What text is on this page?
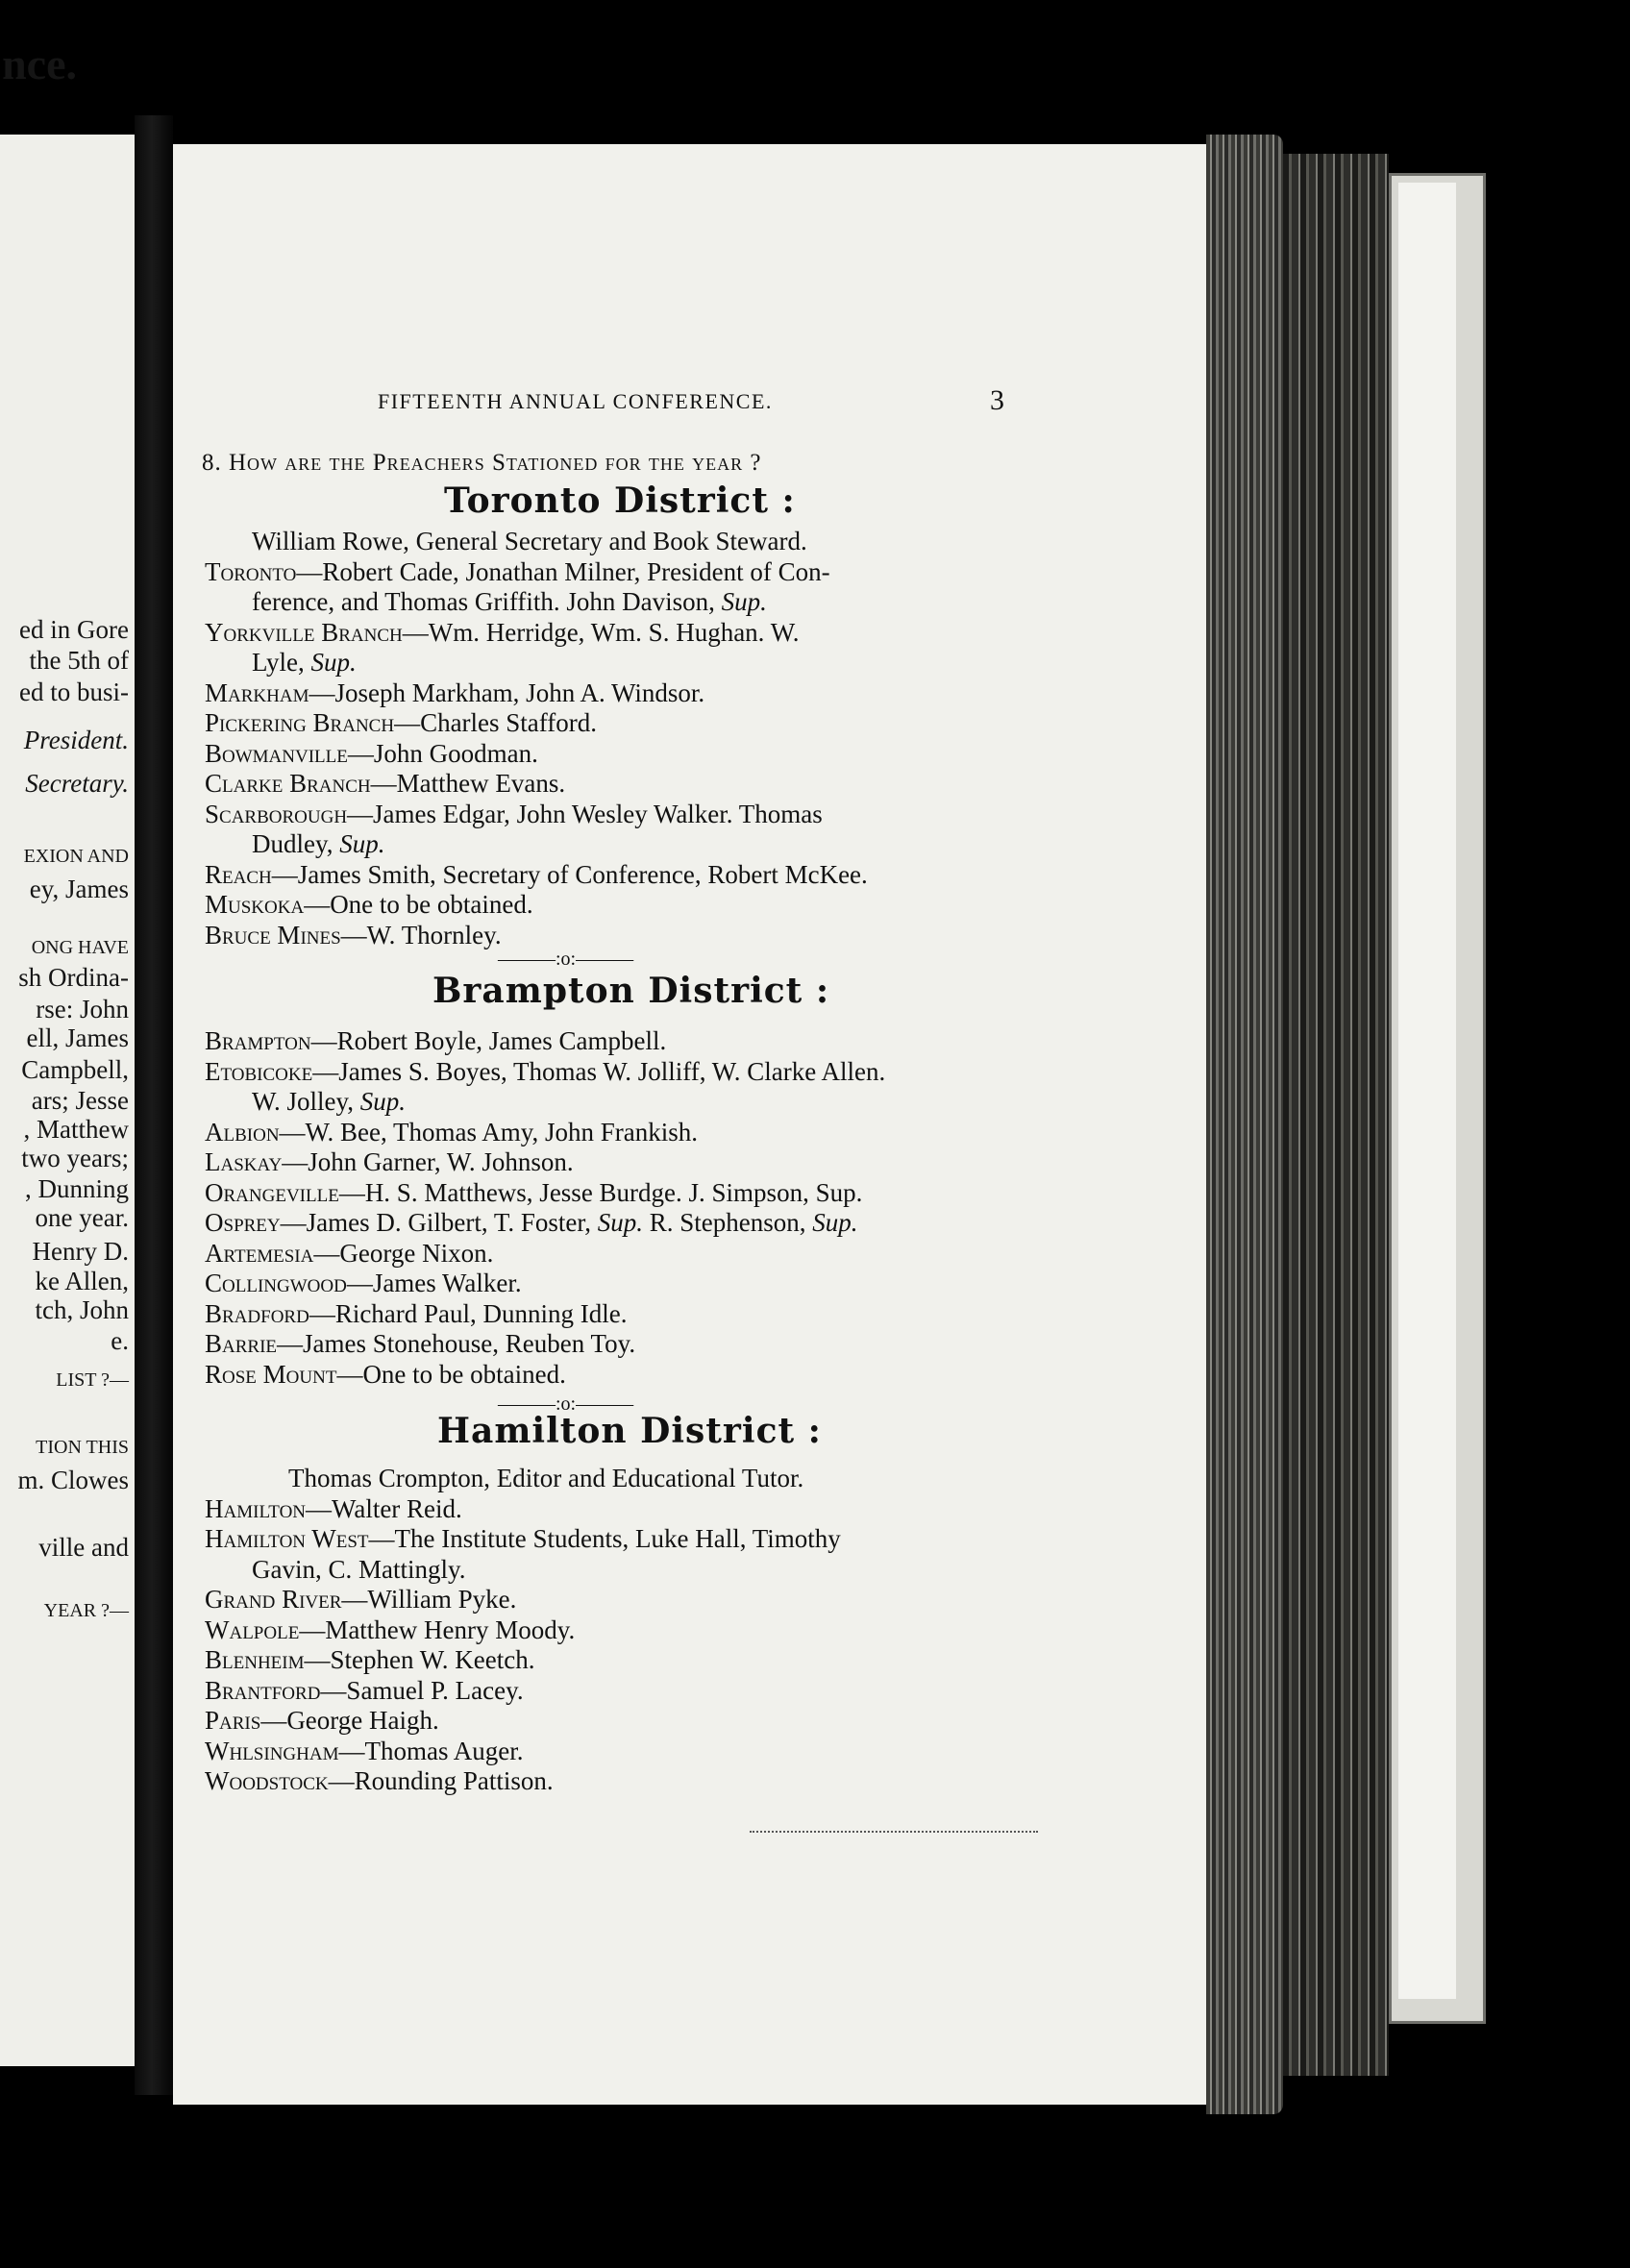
nce.
ed in Gore
the 5th of
ed to busi-
President.
Secretary.
EXION AND
ey, James
ONG HAVE
sh Ordina-
rse: John
ell, James
Campbell,
ars; Jesse
, Matthew
two years;
, Dunning
one year.
Henry D.
ke Allen,
tch, John
e.
LIST ?—
TION THIS
m. Clowes
ville and
YEAR ?—
FIFTEENTH ANNUAL CONFERENCE.	3
8. How are the Preachers Stationed for the year ?
Toronto District :
William Rowe, General Secretary and Book Steward.
Toronto—Robert Cade, Jonathan Milner, President of Con-
ference, and Thomas Griffith. John Davison, Sup.
Yorkville Branch—Wm. Herridge, Wm. S. Hughan. W.
Lyle, Sup.
Markham—Joseph Markham, John A. Windsor.
Pickering Branch—Charles Stafford.
Bowmanville—John Goodman.
Clarke Branch—Matthew Evans.
Scarborough—James Edgar, John Wesley Walker. Thomas
Dudley, Sup.
Reach—James Smith, Secretary of Conference, Robert McKee.
Muskoka—One to be obtained.
Bruce Mines—W. Thornley.
———:o:———
Brampton District :
Brampton—Robert Boyle, James Campbell.
Etobicoke—James S. Boyes, Thomas W. Jolliff, W. Clarke Allen.
W. Jolley, Sup.
Albion—W. Bee, Thomas Amy, John Frankish.
Laskay—John Garner, W. Johnson.
Orangeville—H. S. Matthews, Jesse Burdge. J. Simpson, Sup.
Osprey—James D. Gilbert, T. Foster, Sup. R. Stephenson, Sup.
Artemesia—George Nixon.
Collingwood—James Walker.
Bradford—Richard Paul, Dunning Idle.
Barrie—James Stonehouse, Reuben Toy.
Rose Mount—One to be obtained.
———:o:———
Hamilton District :
Thomas Crompton, Editor and Educational Tutor.
Hamilton—Walter Reid.
Hamilton West—The Institute Students, Luke Hall, Timothy
Gavin, C. Mattingly.
Grand River—William Pyke.
Walpole—Matthew Henry Moody.
Blenheim—Stephen W. Keetch.
Brantford—Samuel P. Lacey.
Paris—George Haigh.
Whlsingham—Thomas Auger.
Woodstock—Rounding Pattison.
